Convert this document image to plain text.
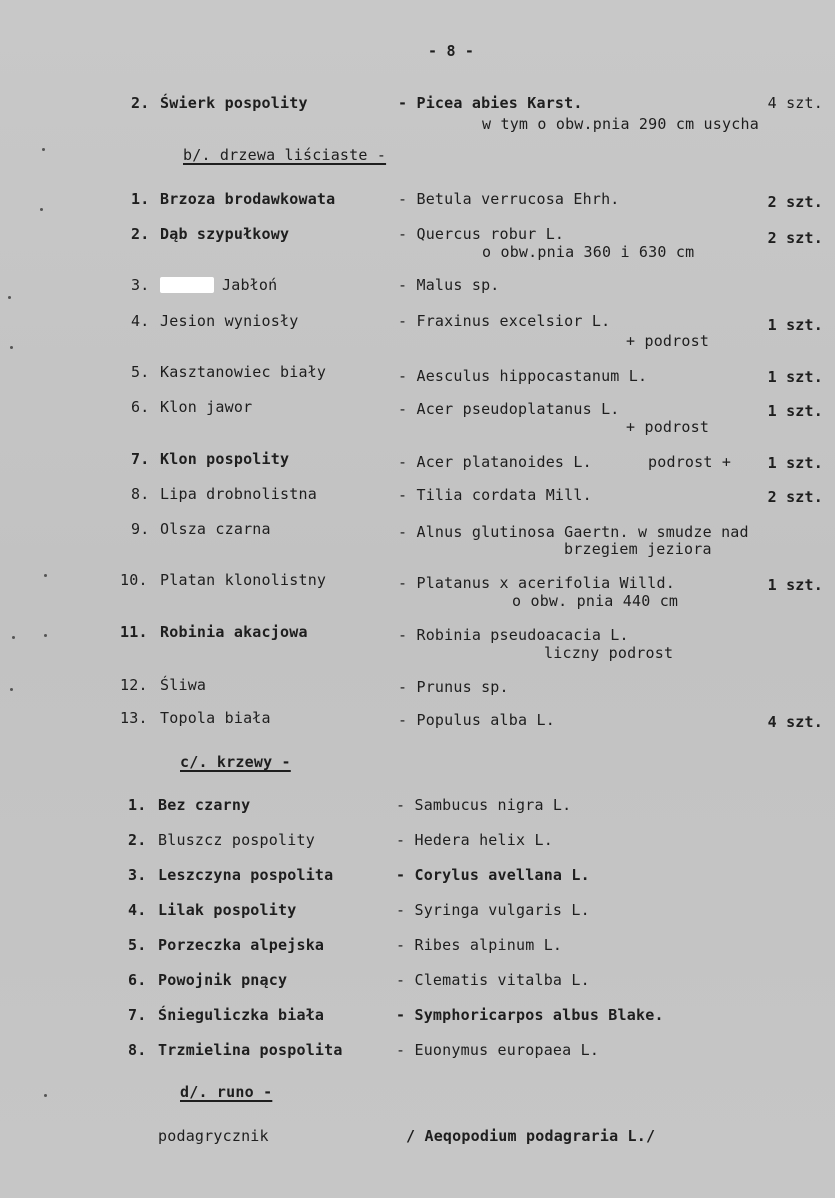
- 8 -
2. Świerk pospolity	- Picea abies Karst.	4 szt.
w tym o obw.pnia 290 cm usycha
b/. drzewa liściaste -
1. Brzoza brodawkowata	- Betula verrucosa Ehrh.	2 szt.
2. Dąb szypułkowy	- Quercus robur L.	2 szt.
o obw.pnia 360 i 630 cm
3.	Jabłoń	- Malus sp.
4. Jesion wyniosły	- Fraxinus excelsior L.	1 szt.
+ podrost
5. Kasztanowiec biały	- Aesculus hippocastanum L.	1 szt.
6. Klon jawor	- Acer pseudoplatanus L.	1 szt.
+ podrost
7. Klon pospolity	- Acer platanoides L.	podrost + 1 szt.
8. Lipa drobnolistna	- Tilia cordata Mill.	2 szt.
9. Olsza czarna	- Alnus glutinosa Gaertn. w smudze nad
brzegiem jeziora
10. Platan klonolistny	- Platanus x acerifolia Willd.	1 szt.
o obw. pnia 440 cm
11. Robinia akacjowa	- Robinia pseudoacacia L.
liczny podrost
12. Śliwa	- Prunus sp.
13. Topola biała	- Populus alba L.	4 szt.
c/. krzewy -
1. Bez czarny	- Sambucus nigra L.
2. Bluszcz pospolity	- Hedera helix L.
3. Leszczyna pospolita	- Corylus avellana L.
4. Lilak pospolity	- Syringa vulgaris L.
5. Porzeczka alpejska	- Ribes alpinum L.
6. Powojnik pnący	- Clematis vitalba L.
7. Śnieguliczka biała	- Symphoricarpos albus Blake.
8. Trzmielina pospolita	- Euonymus europaea L.
d/. runo -
podagrycznik	/ Aeqopodium podagraria L./
